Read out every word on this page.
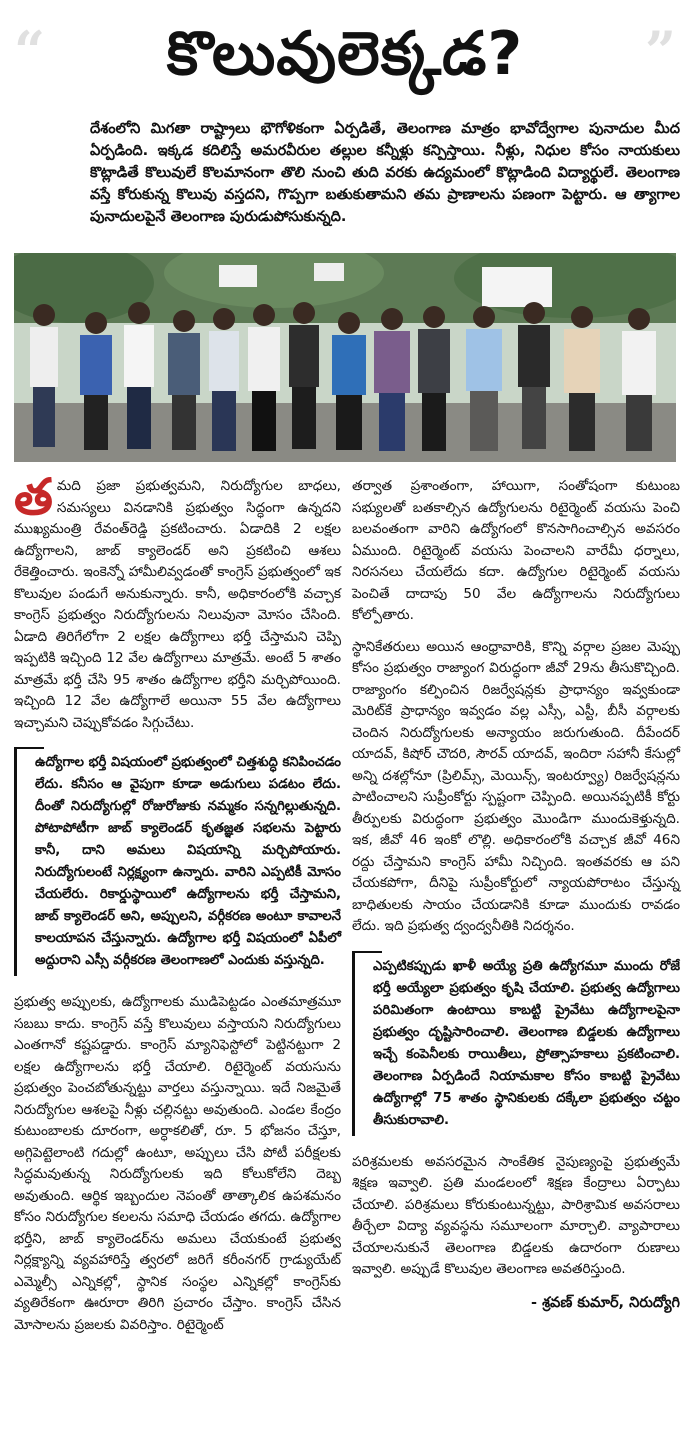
“	కొలువులెక్కడ?	”
దేశంలోని మిగతా రాష్ట్రాలు భౌగోళికంగా ఏర్పడితే, తెలంగాణ మాత్రం భావోద్వేగాల పునాదుల మీద ఏర్పడింది. ఇక్కడ కదిలిస్తే అమరవీరుల తల్లుల కన్నీళ్లు కన్పిస్తాయి. నీళ్లు, నిధుల కోసం నాయకులు కొట్లాడితే కొలువులే కొలమానంగా తొలి నుంచి తుది వరకు ఉద్యమంలో కొట్లాడింది విద్యార్థులే. తెలంగాణ వస్తే కోరుకున్న కొలువు వస్తదని, గొప్పగా బతుకుతామని తమ ప్రాణాలను పణంగా పెట్టారు. ఆ త్యాగాల పునాదులపైనే తెలంగాణ పురుడుపోసుకున్నది.

తమది ప్రజా ప్రభుత్వమని, నిరుద్యోగుల బాధలు, సమస్యలు వినడానికి ప్రభుత్వం సిద్ధంగా ఉన్నదని ముఖ్యమంత్రి రేవంత్‌రెడ్డి ప్రకటించారు. ఏడాదికి 2 లక్షల ఉద్యోగాలని, జాబ్ క్యాలెండర్ అని ప్రకటించి ఆశలు రేకెత్తించారు. ఇంకెన్నో హామీలివ్వడంతో కాంగ్రెస్ ప్రభుత్వంలో ఇక కొలువుల పండుగే అనుకున్నారు. కానీ, అధికారంలోకి వచ్చాక కాంగ్రెస్ ప్రభుత్వం నిరుద్యోగులను నిలువునా మోసం చేసింది. ఏడాది తిరిగేలోగా 2 లక్షల ఉద్యోగాలు భర్తీ చేస్తామని చెప్పి ఇప్పటికి ఇచ్చింది 12 వేల ఉద్యోగాలు మాత్రమే. అంటే 5 శాతం మాత్రమే భర్తీ చేసి 95 శాతం ఉద్యోగాల భర్తీని మర్చిపోయింది. ఇచ్చింది 12 వేల ఉద్యోగాలే అయినా 55 వేల ఉద్యోగాలు ఇచ్చామని చెప్పుకోవడం సిగ్గుచేటు.

ఉద్యోగాల భర్తీ విషయంలో ప్రభుత్వంలో చిత్తశుద్ధి కనిపించడం లేదు. కనీసం ఆ వైపుగా కూడా అడుగులు పడటం లేదు. దీంతో నిరుద్యోగుల్లో రోజురోజుకు నమ్మకం సన్నగిల్లుతున్నది. పోటాపోటీగా జాబ్ క్యాలెండర్ కృతజ్ఞత సభలను పెట్టారు కానీ, దాని అమలు విషయాన్ని మర్చిపోయారు. నిరుద్యోగులంటే నిర్లక్ష్యంగా ఉన్నారు. వారిని ఎప్పటికీ మోసం చేయలేరు. రికార్డుస్థాయిలో ఉద్యోగాలను భర్తీ చేస్తామని, జాబ్ క్యాలెండర్ అని, అప్పులని, వర్గీకరణ అంటూ కావాలనే కాలయాపన చేస్తున్నారు. ఉద్యోగాల భర్తీ విషయంలో ఏపీలో అద్దురాని ఎస్సీ వర్గీకరణ తెలంగాణలో ఎందుకు వస్తున్నది.

ప్రభుత్వ అప్పులకు, ఉద్యోగాలకు ముడిపెట్టడం ఎంతమాత్రమూ సబబు కాదు. కాంగ్రెస్ వస్తే కొలువులు వస్తాయని నిరుద్యోగులు ఎంతగానో కష్టపడ్డారు. కాంగ్రెస్ మ్యానిఫెస్టోలో పెట్టినట్టుగా 2 లక్షల ఉద్యోగాలను భర్తీ చేయాలి. రిటైర్మెంట్ వయసును ప్రభుత్వం పెంచబోతున్నట్టు వార్తలు వస్తున్నాయి. ఇదే నిజమైతే నిరుద్యోగుల ఆశలపై నీళ్లు చల్లినట్టు అవుతుంది. ఎండల కేంద్రం కుటుంబాలకు దూరంగా, అర్ధాకలితో, రూ. 5 భోజనం చేస్తూ, అగ్గిపెట్టెలాంటి గదుల్లో ఉంటూ, అప్పులు చేసి పోటీ పరీక్షలకు సిద్ధమవుతున్న నిరుద్యోగులకు ఇది కోలుకోలేని దెబ్బ అవుతుంది. ఆర్థిక ఇబ్బందుల నెపంతో తాత్కాలిక ఉపశమనం కోసం నిరుద్యోగుల కలలను సమాధి చేయడం తగదు. ఉద్యోగాల భర్తీని, జాబ్ క్యాలెండర్‌ను అమలు చేయకుంటే ప్రభుత్వ నిర్లక్ష్యాన్ని వ్యవహారిస్తే త్వరలో జరిగే కరీంనగర్ గ్రాడ్యుయేట్ ఎమ్మెల్సీ ఎన్నికల్లో, స్థానిక సంస్థల ఎన్నికల్లో కాంగ్రెస్‌కు వ్యతిరేకంగా ఊరూరా తిరిగి ప్రచారం చేస్తాం. కాంగ్రెస్ చేసిన మోసాలను ప్రజలకు వివరిస్తాం. రిటైర్మెంట్

తర్వాత ప్రశాంతంగా, హాయిగా, సంతోషంగా కుటుంబ సభ్యులతో బతకాల్సిన ఉద్యోగులను రిటైర్మెంట్ వయసు పెంచి బలవంతంగా వారిని ఉద్యోగంలో కొనసాగించాల్సిన అవసరం ఏముంది. రిటైర్మెంట్ వయసు పెంచాలని వారేమీ ధర్నాలు, నిరసనలు చేయలేదు కదా. ఉద్యోగుల రిటైర్మెంట్ వయసు పెంచితే దాదాపు 50 వేల ఉద్యోగాలను నిరుద్యోగులు కోల్పోతారు.

స్థానికేతరులు అయిన ఆంధ్రావారికి, కొన్ని వర్గాల ప్రజల మెప్పు కోసం ప్రభుత్వం రాజ్యాంగ విరుద్ధంగా జీవో 29ను తీసుకొచ్చింది. రాజ్యాంగం కల్పించిన రిజర్వేషన్లకు ప్రాధాన్యం ఇవ్వకుండా మెరిట్‌కే ప్రాధాన్యం ఇవ్వడం వల్ల ఎస్సీ, ఎస్టీ, బీసీ వర్గాలకు చెందిన నిరుద్యోగులకు అన్యాయం జరుగుతుంది. దీపేందర్ యాదవ్, కిషోర్ చౌదరి, సౌరవ్ యాదవ్, ఇందిరా సహానీ కేసుల్లో అన్ని దశల్లోనూ (ప్రిలిమ్స్, మెయిన్స్, ఇంటర్వ్యూ) రిజర్వేషన్లను పాటించాలని సుప్రీంకోర్టు స్పష్టంగా చెప్పింది. అయినప్పటికీ కోర్టు తీర్పులకు విరుద్ధంగా ప్రభుత్వం మొండిగా ముందుకెళ్తున్నది. ఇక, జీవో 46 ఇంకో లొల్లి. అధికారంలోకి వచ్చాక జీవో 46ని రద్దు చేస్తామని కాంగ్రెస్ హామీ నిచ్చింది. ఇంతవరకు ఆ పని చేయకపోగా, దీనిపై సుప్రీంకోర్టులో న్యాయపోరాటం చేస్తున్న బాధితులకు సాయం చేయడానికి కూడా ముందుకు రావడం లేదు. ఇది ప్రభుత్వ ద్వంద్వనీతికి నిదర్శనం.

ఎప్పటికప్పుడు ఖాళీ అయ్యే ప్రతి ఉద్యోగమూ ముందు రోజే భర్తీ అయ్యేలా ప్రభుత్వం కృషి చేయాలి. ప్రభుత్వ ఉద్యోగాలు పరిమితంగా ఉంటాయి కాబట్టి ప్రైవేటు ఉద్యోగాలపైనా ప్రభుత్వం దృష్టిసారించాలి. తెలంగాణ బిడ్డలకు ఉద్యోగాలు ఇచ్చే కంపెనీలకు రాయితీలు, ప్రోత్సాహకాలు ప్రకటించాలి. తెలంగాణ ఏర్పడిందే నియామకాల కోసం కాబట్టి ప్రైవేటు ఉద్యోగాల్లో 75 శాతం స్థానికులకు దక్కేలా ప్రభుత్వం చట్టం తీసుకురావాలి.

పరిశ్రమలకు అవసరమైన సాంకేతిక నైపుణ్యంపై ప్రభుత్వమే శిక్షణ ఇవ్వాలి. ప్రతి మండలంలో శిక్షణ కేంద్రాలు ఏర్పాటు చేయాలి. పరిశ్రమలు కోరుకుంటున్నట్టు, పారిశ్రామిక అవసరాలు తీర్చేలా విద్యా వ్యవస్థను సమూలంగా మార్చాలి. వ్యాపారాలు చేయాలనుకునే తెలంగాణ బిడ్డలకు ఉదారంగా రుణాలు ఇవ్వాలి. అప్పుడే కొలువుల తెలంగాణ అవతరిస్తుంది.

- శ్రవణ్ కుమార్, నిరుద్యోగి
